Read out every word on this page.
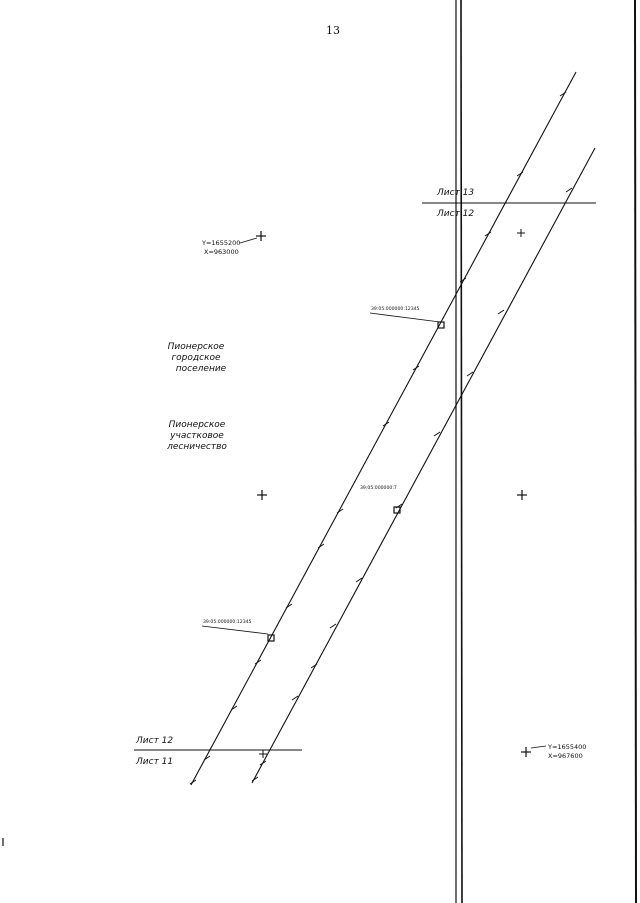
13
Лист 13
Лист 12
Лист 12
Лист 11
Y=1655200
X=963000
Y=1655400
X=967600
Пионерское
городское
поселение
Пионерское
участковое
лесничество
39:05:000000:12345
39:05:000000:7
39:05:000000:12345
